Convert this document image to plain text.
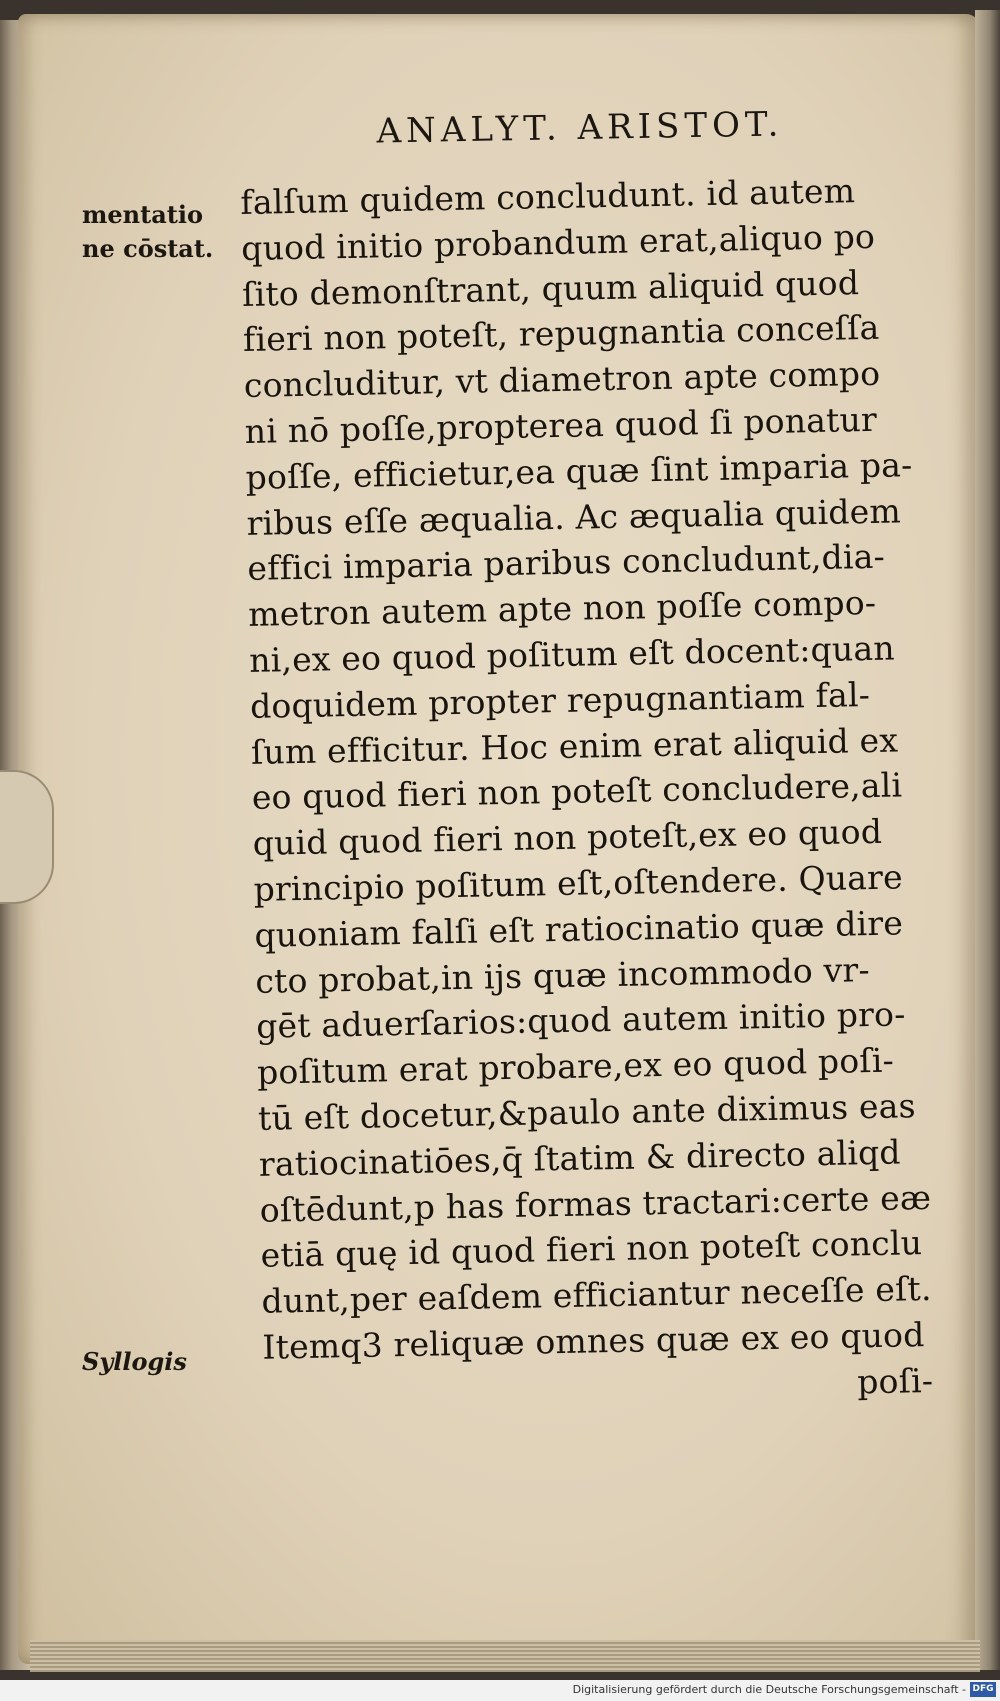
ANALYT. ARISTOT.
mentatio
ne cōstat.
Syllogis
falſum quidem concludunt. id autem
quod initio probandum erat,aliquo po
ſito demonſtrant, quum aliquid quod
fieri non poteſt, repugnantia conceſſa
concluditur, vt diametron apte compo
ni nō poſſe,propterea quod ſi ponatur
poſſe, efficietur,ea quæ ſint imparia pa-
ribus eſſe æqualia. Ac æqualia quidem
effici imparia paribus concludunt,dia-
metron autem apte non poſſe compo-
ni,ex eo quod poſitum eſt docent:quan
doquidem propter repugnantiam fal-
ſum efficitur. Hoc enim erat aliquid ex
eo quod fieri non poteſt concludere,ali
quid quod fieri non poteſt,ex eo quod
principio poſitum eſt,oſtendere. Quare
quoniam falſi eſt ratiocinatio quæ dire
cto probat,in ijs quæ incommodo vr-
gēt aduerſarios:quod autem initio pro-
poſitum erat probare,ex eo quod poſi-
tū eſt docetur,&paulo ante diximus eas
ratiocinatiōes,q̄ ſtatim & directo aliqd
oſtēdunt,p has formas tractari:certe eæ
etiā quę id quod fieri non poteſt conclu
dunt,per eaſdem efficiantur neceſſe eſt.
Itemq3 reliquæ omnes quæ ex eo quod
poſi-
Digitalisierung gefördert durch die Deutsche Forschungsgemeinschaft - DFG
